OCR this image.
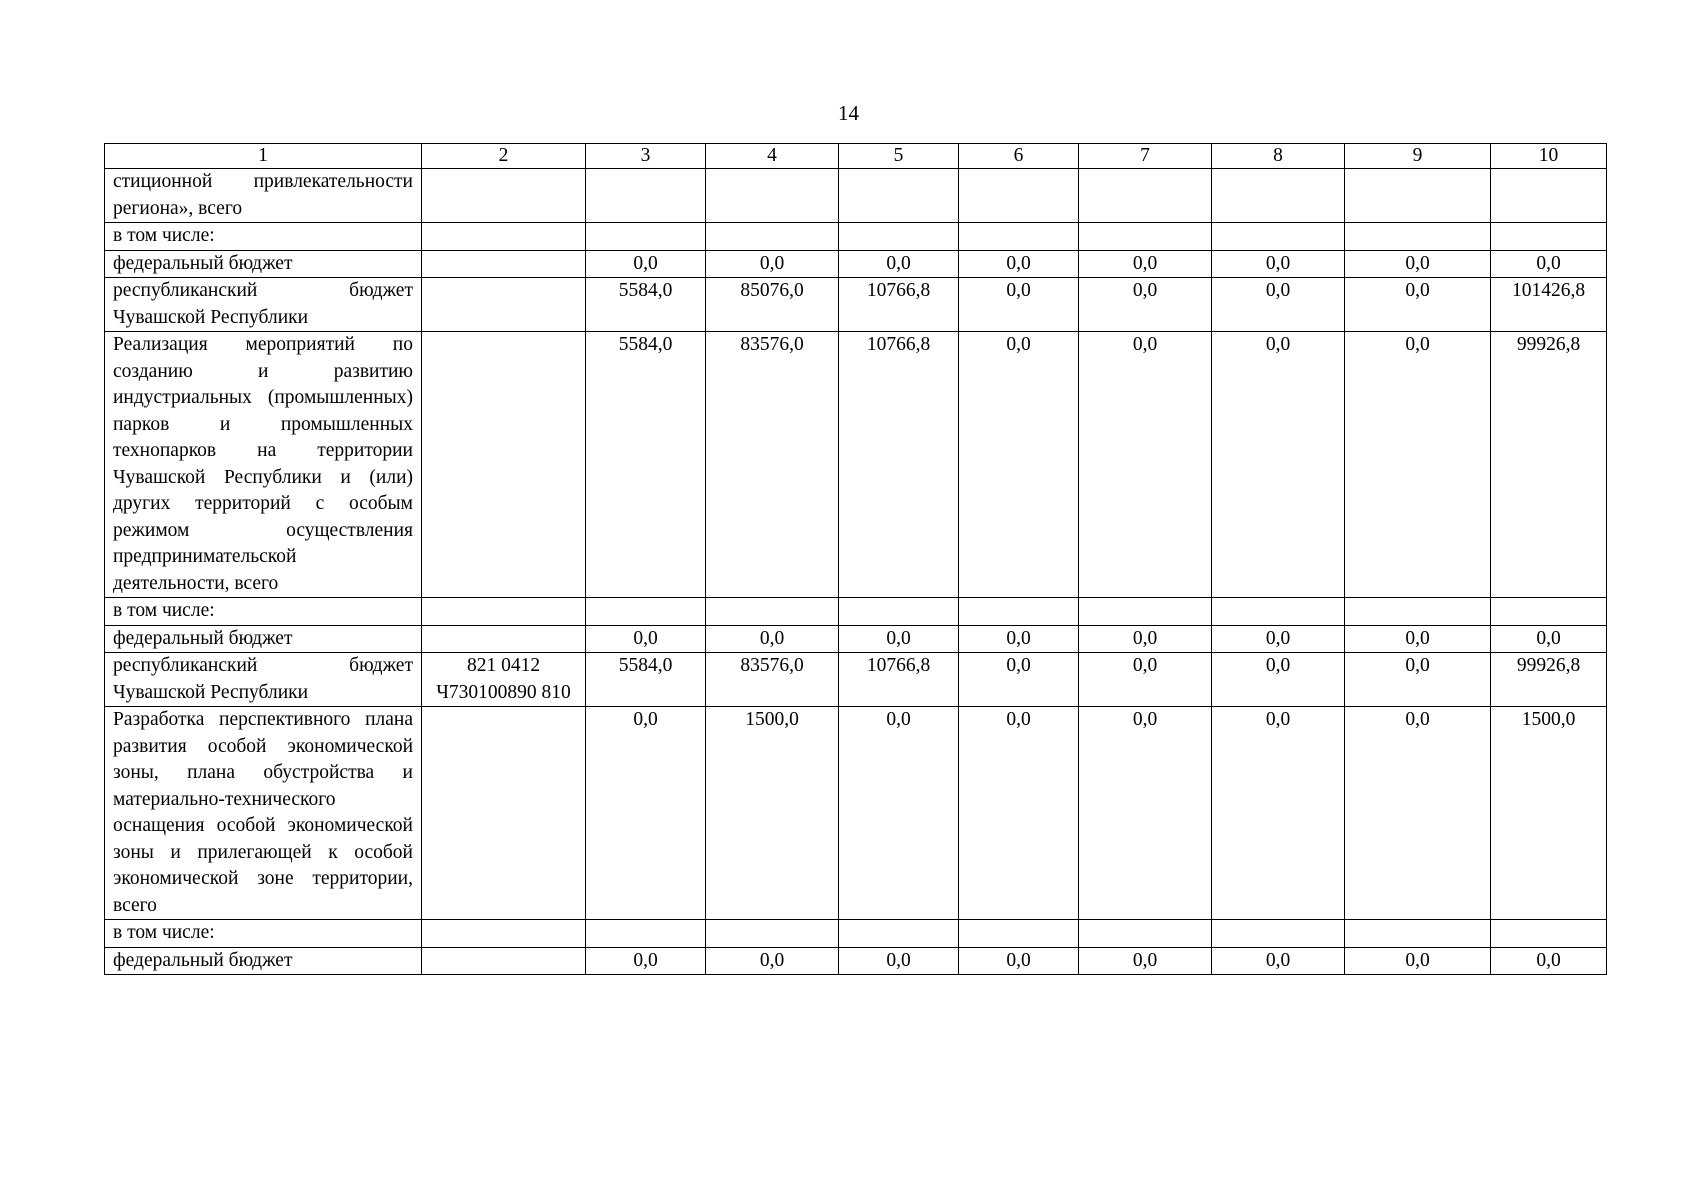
14
1	2	3	4	5	6	7	8	9	10
стиционной привлекательности региона», всего									
в том числе:									
федеральный бюджет		0,0	0,0	0,0	0,0	0,0	0,0	0,0	0,0
республиканский бюджет Чувашской Республики		5584,0	85076,0	10766,8	0,0	0,0	0,0	0,0	101426,8
Реализация мероприятий по созданию и развитию индустриальных (промышленных) парков и промышленных технопарков на территории Чувашской Республики и (или) других территорий с особым режимом осуществления предпринимательской деятельности, всего		5584,0	83576,0	10766,8	0,0	0,0	0,0	0,0	99926,8
в том числе:									
федеральный бюджет		0,0	0,0	0,0	0,0	0,0	0,0	0,0	0,0
республиканский бюджет Чувашской Республики	821 0412 Ч730100890 810	5584,0	83576,0	10766,8	0,0	0,0	0,0	0,0	99926,8
Разработка перспективного плана развития особой экономической зоны, плана обустройства и материально-технического оснащения особой экономической зоны и прилегающей к особой экономической зоне территории, всего		0,0	1500,0	0,0	0,0	0,0	0,0	0,0	1500,0
в том числе:									
федеральный бюджет		0,0	0,0	0,0	0,0	0,0	0,0	0,0	0,0
